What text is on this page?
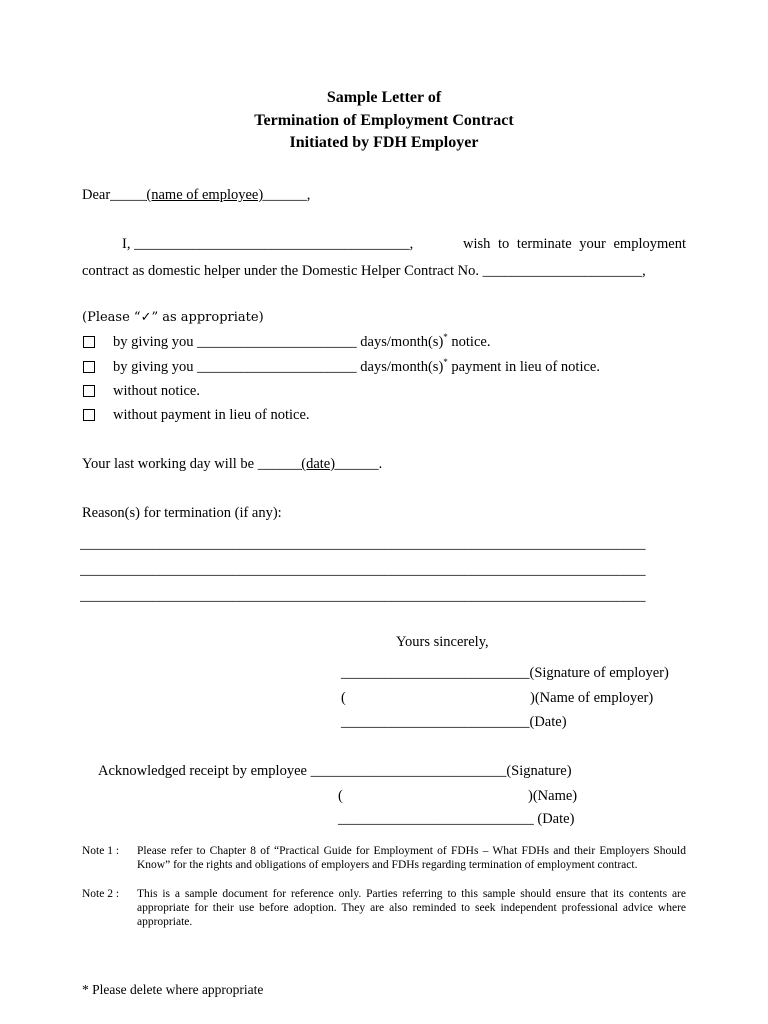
Sample Letter of
Termination of Employment Contract
Initiated by FDH Employer
Dear_____(name of employee)______,
I, ______________________________________,	wish to terminate your employment
contract as domestic helper under the Domestic Helper Contract No. ______________________,
(Please “✓” as appropriate)
by giving you ______________________ days/month(s)* notice.
by giving you ______________________ days/month(s)* payment in lieu of notice.
without notice.
without payment in lieu of notice.
Your last working day will be ______(date)______.
Reason(s) for termination (if any):
______________________________________________________________________________
______________________________________________________________________________
______________________________________________________________________________
Yours sincerely,
__________________________(Signature of employer)
(	)(Name of employer)
__________________________(Date)
Acknowledged receipt by employee ___________________________(Signature)
(	)(Name)
___________________________ (Date)
Note 1 : Please refer to Chapter 8 of “Practical Guide for Employment of FDHs – What FDHs and their Employers Should Know” for the rights and obligations of employers and FDHs regarding termination of employment contract.
Note 2 : This is a sample document for reference only. Parties referring to this sample should ensure that its contents are appropriate for their use before adoption. They are also reminded to seek independent professional advice where appropriate.
* Please delete where appropriate
